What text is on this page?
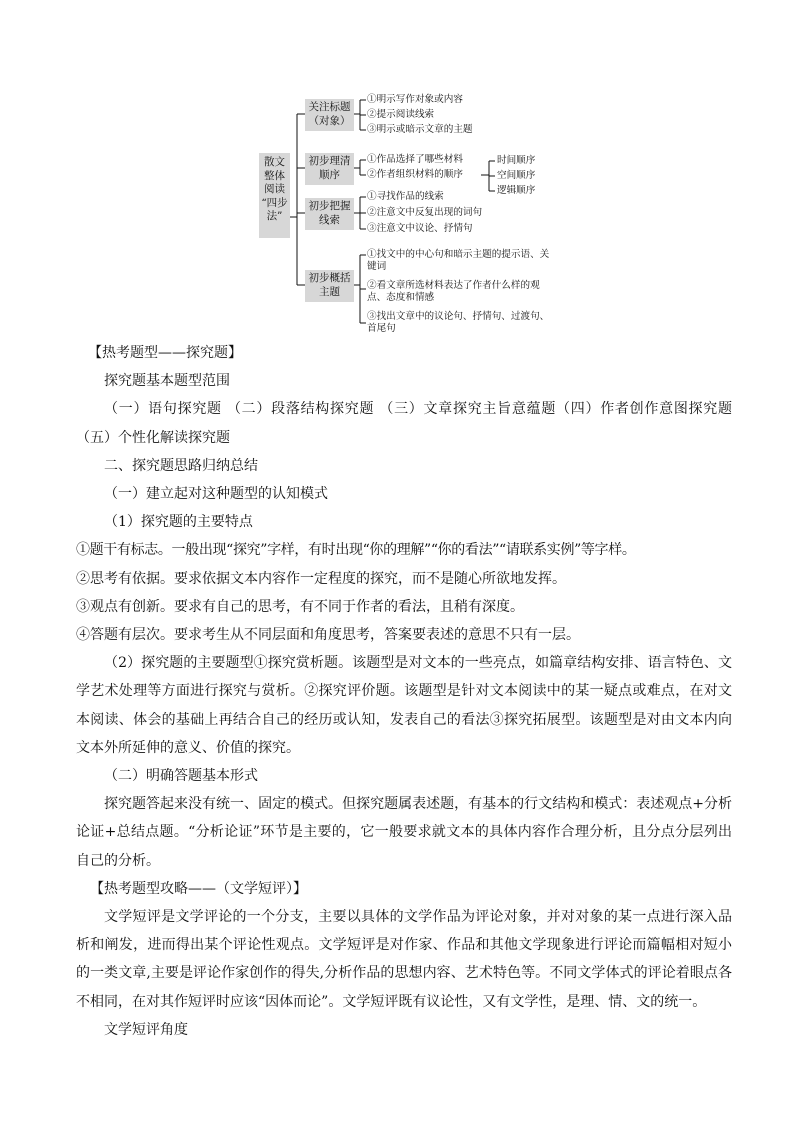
散文
整体
阅读
“四步
法”
关注标题
（对象）
①明示写作对象或内容
②提示阅读线索
③明示或暗示文章的主题
初步理清
顺序
①作品选择了哪些材料
②作者组织材料的顺序
时间顺序
空间顺序
逻辑顺序
初步把握
线索
①寻找作品的线索
②注意文中反复出现的词句
③注意文中议论、抒情句
初步概括
主题
①找文中的中心句和暗示主题的提示语、关键词
②看文章所选材料表达了作者什么样的观点、态度和情感
③找出文章中的议论句、抒情句、过渡句、首尾句

【热考题型——探究题】

探究题基本题型范围

（一）语句探究题 （二）段落结构探究题 （三）文章探究主旨意蕴题（四）作者创作意图探究题（五）个性化解读探究题

二、探究题思路归纳总结

（一）建立起对这种题型的认知模式

（1）探究题的主要特点

①题干有标志。一般出现“探究”字样，有时出现“你的理解”“你的看法”“请联系实例”等字样。

②思考有依据。要求依据文本内容作一定程度的探究，而不是随心所欲地发挥。

③观点有创新。要求有自己的思考，有不同于作者的看法，且稍有深度。

④答题有层次。要求考生从不同层面和角度思考，答案要表述的意思不只有一层。

（2）探究题的主要题型①探究赏析题。该题型是对文本的一些亮点，如篇章结构安排、语言特色、文学艺术处理等方面进行探究与赏析。②探究评价题。该题型是针对文本阅读中的某一疑点或难点，在对文本阅读、体会的基础上再结合自己的经历或认知，发表自己的看法③探究拓展型。该题型是对由文本内向文本外所延伸的意义、价值的探究。

（二）明确答题基本形式

探究题答起来没有统一、固定的模式。但探究题属表述题，有基本的行文结构和模式：表述观点+分析论证+总结点题。“分析论证”环节是主要的，它一般要求就文本的具体内容作合理分析，且分点分层列出自己的分析。

【热考题型攻略——（文学短评）】

文学短评是文学评论的一个分支，主要以具体的文学作品为评论对象，并对对象的某一点进行深入品析和阐发，进而得出某个评论性观点。文学短评是对作家、作品和其他文学现象进行评论而篇幅相对短小的一类文章,主要是评论作家创作的得失,分析作品的思想内容、艺术特色等。不同文学体式的评论着眼点各不相同，在对其作短评时应该“因体而论”。文学短评既有议论性，又有文学性，是理、情、文的统一。

文学短评角度
